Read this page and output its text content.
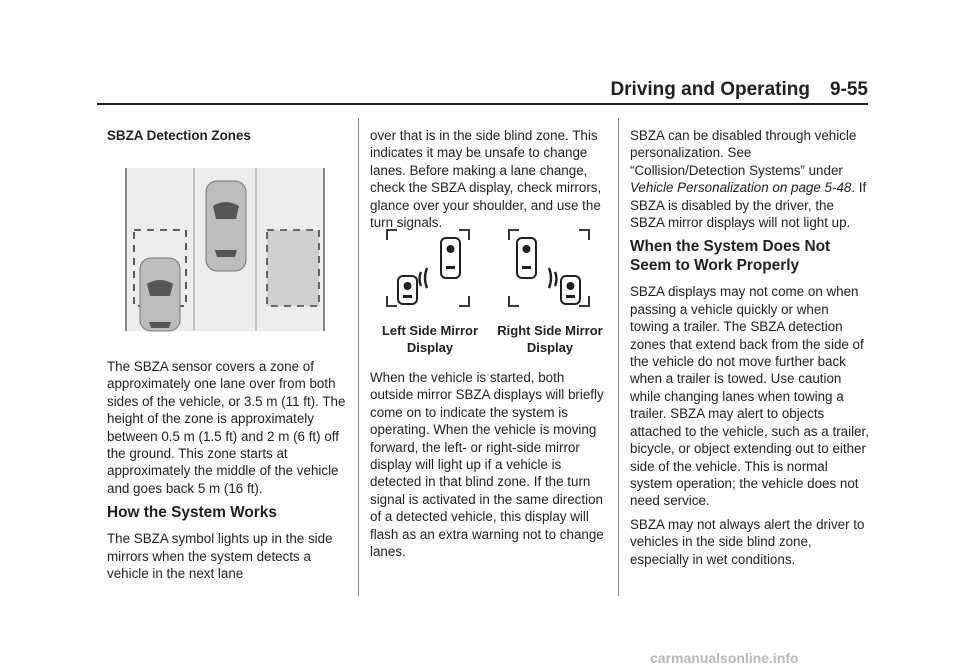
Driving and Operating 9-55

SBZA Detection Zones

The SBZA sensor covers a zone of approximately one lane over from both sides of the vehicle, or 3.5 m (11 ft). The height of the zone is approximately between 0.5 m (1.5 ft) and 2 m (6 ft) off the ground. This zone starts at approximately the middle of the vehicle and goes back 5 m (16 ft).

How the System Works

The SBZA symbol lights up in the side mirrors when the system detects a vehicle in the next lane

over that is in the side blind zone. This indicates it may be unsafe to change lanes. Before making a lane change, check the SBZA display, check mirrors, glance over your shoulder, and use the turn signals.

Left Side Mirror
Display
Right Side Mirror
Display

When the vehicle is started, both outside mirror SBZA displays will briefly come on to indicate the system is operating. When the vehicle is moving forward, the left- or right-side mirror display will light up if a vehicle is detected in that blind zone. If the turn signal is activated in the same direction of a detected vehicle, this display will flash as an extra warning not to change lanes.

SBZA can be disabled through vehicle personalization. See “Collision/Detection Systems” under Vehicle Personalization on page 5-48. If SBZA is disabled by the driver, the SBZA mirror displays will not light up.

When the System Does Not Seem to Work Properly

SBZA displays may not come on when passing a vehicle quickly or when towing a trailer. The SBZA detection zones that extend back from the side of the vehicle do not move further back when a trailer is towed. Use caution while changing lanes when towing a trailer. SBZA may alert to objects attached to the vehicle, such as a trailer, bicycle, or object extending out to either side of the vehicle. This is normal system operation; the vehicle does not need service.

SBZA may not always alert the driver to vehicles in the side blind zone, especially in wet conditions.

carmanualsonline.info
